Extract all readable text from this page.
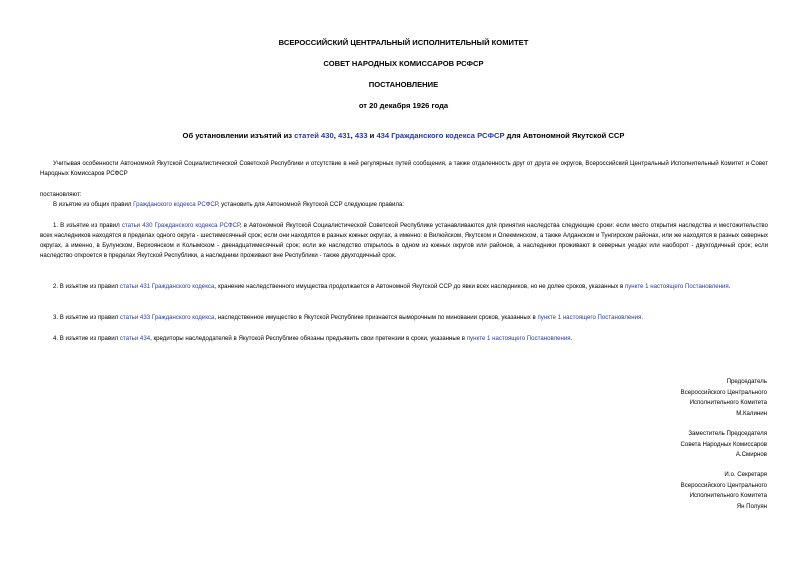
ВСЕРОССИЙСКИЙ ЦЕНТРАЛЬНЫЙ ИСПОЛНИТЕЛЬНЫЙ КОМИТЕТ
СОВЕТ НАРОДНЫХ КОМИССАРОВ РСФСР
ПОСТАНОВЛЕНИЕ
от 20 декабря 1926 года
Об установлении изъятий из статей 430, 431, 433 и 434 Гражданского кодекса РСФСР для Автономной Якутской ССР
Учитывая особенности Автономной Якутской Социалистической Советской Республики и отсутствие в ней регулярных путей сообщения, а также отдаленность друг от друга ее округов, Всероссийский Центральный Исполнительный Комитет и Совет Народных Комиссаров РСФСР
постановляют:
В изъятие из общих правил Гражданского кодекса РСФСР, установить для Автономной Якутской ССР следующие правила:
1. В изъятие из правил статьи 430 Гражданского кодекса РСФСР, в Автономной Якутской Социалистической Советской Республике устанавливаются для принятия наследства следующие сроки: если место открытия наследства и местожительство всех наследников находятся в пределах одного округа - шестимесячный срок; если они находятся в разных южных округах, а именно: в Вилюйском, Якутском и Олекминском, а также Алданском и Тунгирском районах, или же находятся в разных северных округах, а именно, в Булунском, Верхоянском и Колымском - двенадцатимесячный срок; если же наследство открылось в одном из южных округов или районов, а наследники проживают в северных уездах или наоборот - двухгодичный срок; если наследство откроется в пределах Якутской Республики, а наследники проживают вне Республики - также двухгодичный срок.
2. В изъятие из правил статьи 431 Гражданского кодекса, хранение наследственного имущества продолжается в Автономной Якутской ССР до явки всех наследников, но не долее сроков, указанных в пункте 1 настоящего Постановления.
3. В изъятие из правил статьи 433 Гражданского кодекса, наследственное имущество в Якутской Республике признается выморочным по миновании сроков, указанных в пункте 1 настоящего Постановления.
4. В изъятие из правил статьи 434, кредиторы наследодателей в Якутской Республике обязаны предъявить свои претензии в сроки, указанные в пункте 1 настоящего Постановления.
Председатель
Всероссийского Центрального
Исполнительного Комитета
М.Калинин
Заместитель Председателя
Совета Народных Комиссаров
А.Смирнов
И.о. Секретаря
Всероссийского Центрального
Исполнительного Комитета
Ян Полуян
